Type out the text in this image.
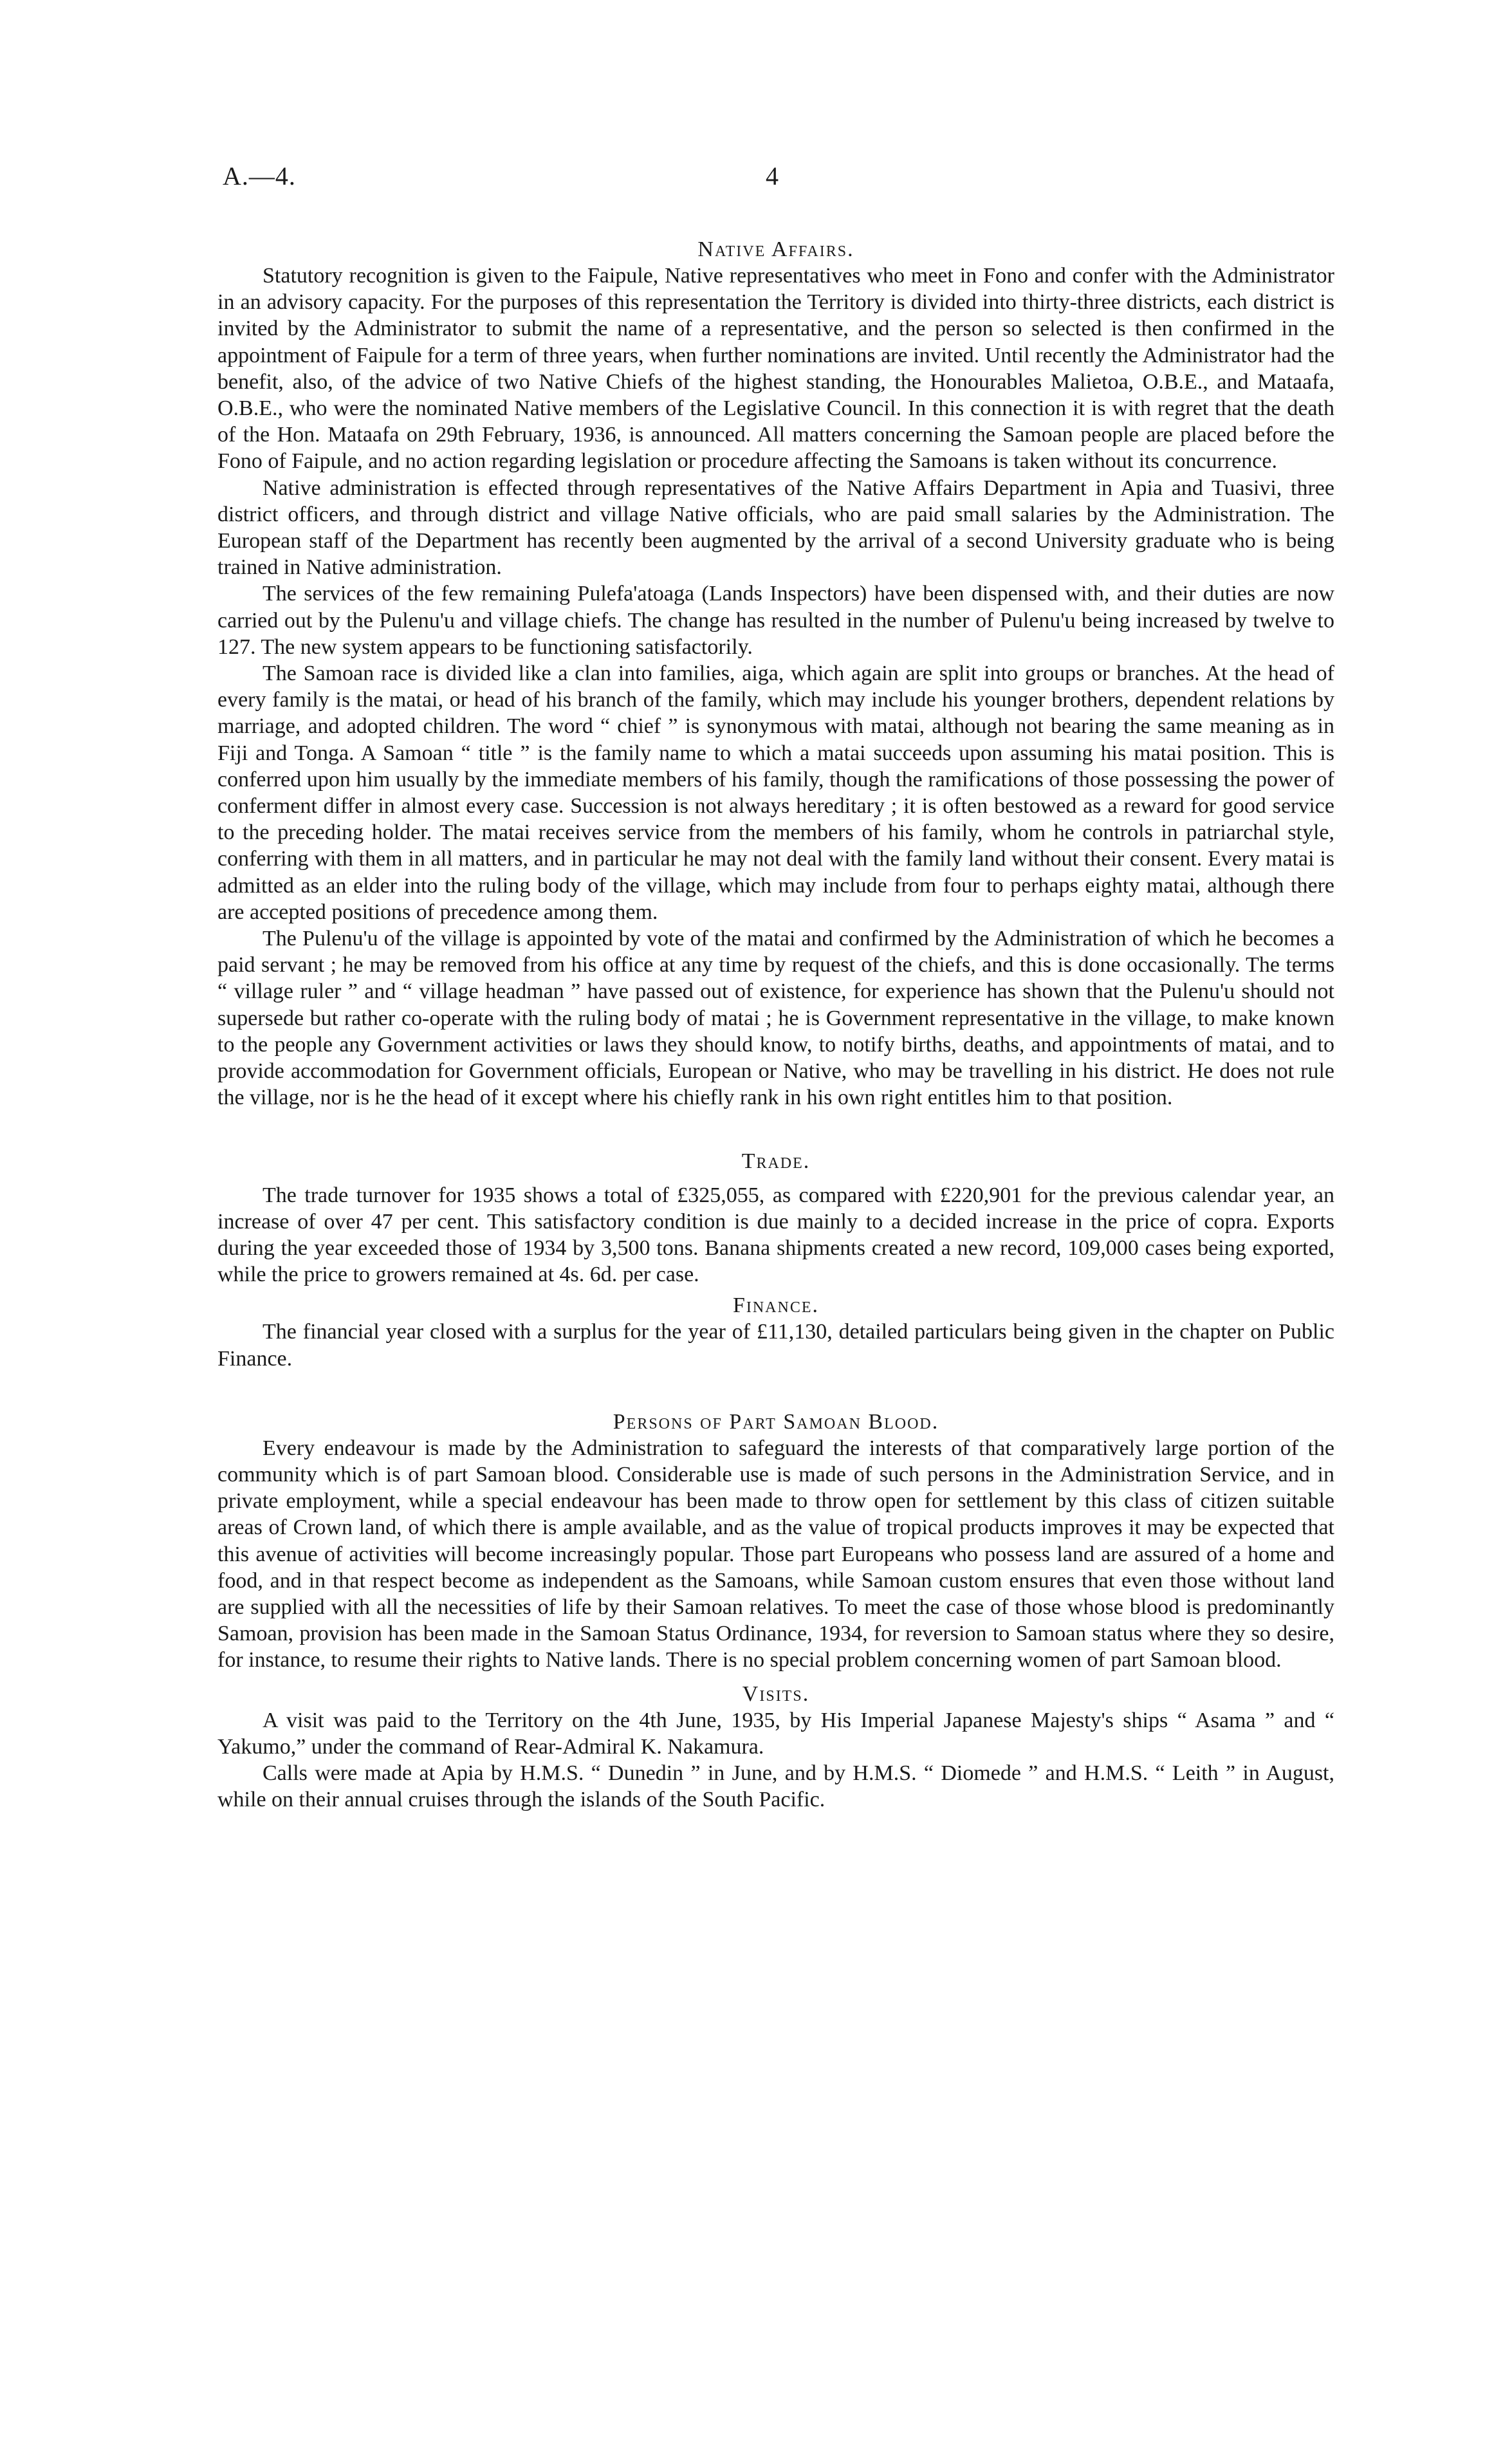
A.—4.	4
Native Affairs.

Statutory recognition is given to the Faipule, Native representatives who meet in Fono and confer with the Administrator in an advisory capacity. For the purposes of this representation the Territory is divided into thirty-three districts, each district is invited by the Administrator to submit the name of a representative, and the person so selected is then confirmed in the appointment of Faipule for a term of three years, when further nominations are invited. Until recently the Administrator had the benefit, also, of the advice of two Native Chiefs of the highest standing, the Honourables Malietoa, O.B.E., and Mataafa, O.B.E., who were the nominated Native members of the Legislative Council. In this connection it is with regret that the death of the Hon. Mataafa on 29th February, 1936, is announced. All matters concerning the Samoan people are placed before the Fono of Faipule, and no action regarding legislation or procedure affecting the Samoans is taken without its concurrence.

Native administration is effected through representatives of the Native Affairs Department in Apia and Tuasivi, three district officers, and through district and village Native officials, who are paid small salaries by the Administration. The European staff of the Department has recently been augmented by the arrival of a second University graduate who is being trained in Native administration.

The services of the few remaining Pulefa'atoaga (Lands Inspectors) have been dispensed with, and their duties are now carried out by the Pulenu'u and village chiefs. The change has resulted in the number of Pulenu'u being increased by twelve to 127. The new system appears to be functioning satisfactorily.

The Samoan race is divided like a clan into families, aiga, which again are split into groups or branches. At the head of every family is the matai, or head of his branch of the family, which may include his younger brothers, dependent relations by marriage, and adopted children. The word “ chief ” is synonymous with matai, although not bearing the same meaning as in Fiji and Tonga. A Samoan “ title ” is the family name to which a matai succeeds upon assuming his matai position. This is conferred upon him usually by the immediate members of his family, though the ramifications of those possessing the power of conferment differ in almost every case. Succession is not always hereditary ; it is often bestowed as a reward for good service to the preceding holder. The matai receives service from the members of his family, whom he controls in patriarchal style, conferring with them in all matters, and in particular he may not deal with the family land without their consent. Every matai is admitted as an elder into the ruling body of the village, which may include from four to perhaps eighty matai, although there are accepted positions of precedence among them.

The Pulenu'u of the village is appointed by vote of the matai and confirmed by the Administration of which he becomes a paid servant ; he may be removed from his office at any time by request of the chiefs, and this is done occasionally. The terms “ village ruler ” and “ village headman ” have passed out of existence, for experience has shown that the Pulenu'u should not supersede but rather co-operate with the ruling body of matai ; he is Government representative in the village, to make known to the people any Government activities or laws they should know, to notify births, deaths, and appointments of matai, and to provide accommodation for Government officials, European or Native, who may be travelling in his district. He does not rule the village, nor is he the head of it except where his chiefly rank in his own right entitles him to that position.

Trade.

The trade turnover for 1935 shows a total of £325,055, as compared with £220,901 for the previous calendar year, an increase of over 47 per cent. This satisfactory condition is due mainly to a decided increase in the price of copra. Exports during the year exceeded those of 1934 by 3,500 tons. Banana shipments created a new record, 109,000 cases being exported, while the price to growers remained at 4s. 6d. per case.

Finance.

The financial year closed with a surplus for the year of £11,130, detailed particulars being given in the chapter on Public Finance.

Persons of Part Samoan Blood.

Every endeavour is made by the Administration to safeguard the interests of that comparatively large portion of the community which is of part Samoan blood. Considerable use is made of such persons in the Administration Service, and in private employment, while a special endeavour has been made to throw open for settlement by this class of citizen suitable areas of Crown land, of which there is ample available, and as the value of tropical products improves it may be expected that this avenue of activities will become increasingly popular. Those part Europeans who possess land are assured of a home and food, and in that respect become as independent as the Samoans, while Samoan custom ensures that even those without land are supplied with all the necessities of life by their Samoan relatives. To meet the case of those whose blood is predominantly Samoan, provision has been made in the Samoan Status Ordinance, 1934, for reversion to Samoan status where they so desire, for instance, to resume their rights to Native lands. There is no special problem concerning women of part Samoan blood.

Visits.

A visit was paid to the Territory on the 4th June, 1935, by His Imperial Japanese Majesty's ships “ Asama ” and “ Yakumo,” under the command of Rear-Admiral K. Nakamura.

Calls were made at Apia by H.M.S. “ Dunedin ” in June, and by H.M.S. “ Diomede ” and H.M.S. “ Leith ” in August, while on their annual cruises through the islands of the South Pacific.
